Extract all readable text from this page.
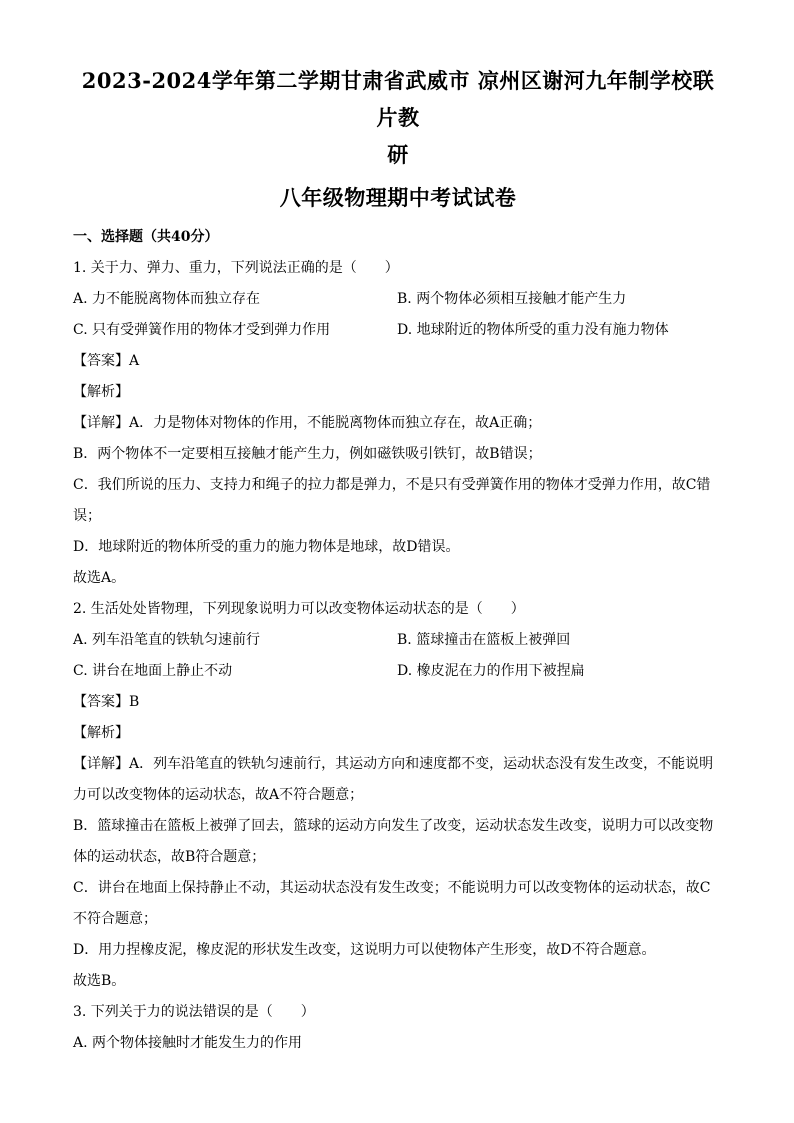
2023-2024学年第二学期甘肃省武威市 凉州区谢河九年制学校联片教
研
八年级物理期中考试试卷
一、选择题（共40分）
1. 关于力、弹力、重力，下列说法正确的是（　　）
A. 力不能脱离物体而独立存在	B. 两个物体必须相互接触才能产生力
C. 只有受弹簧作用的物体才受到弹力作用	D. 地球附近的物体所受的重力没有施力物体
【答案】A
【解析】
【详解】A．力是物体对物体的作用，不能脱离物体而独立存在，故A正确；
B．两个物体不一定要相互接触才能产生力，例如磁铁吸引铁钉，故B错误；
C．我们所说的压力、支持力和绳子的拉力都是弹力，不是只有受弹簧作用的物体才受弹力作用，故C错误；
D．地球附近的物体所受的重力的施力物体是地球，故D错误。
故选A。
2. 生活处处皆物理，下列现象说明力可以改变物体运动状态的是（　　）
A. 列车沿笔直的铁轨匀速前行	B. 篮球撞击在篮板上被弹回
C. 讲台在地面上静止不动	D. 橡皮泥在力的作用下被捏扁
【答案】B
【解析】
【详解】A．列车沿笔直的铁轨匀速前行，其运动方向和速度都不变，运动状态没有发生改变，不能说明力可以改变物体的运动状态，故A不符合题意；
B．篮球撞击在篮板上被弹了回去，篮球的运动方向发生了改变，运动状态发生改变，说明力可以改变物体的运动状态，故B符合题意；
C．讲台在地面上保持静止不动，其运动状态没有发生改变；不能说明力可以改变物体的运动状态，故C不符合题意；
D．用力捏橡皮泥，橡皮泥的形状发生改变，这说明力可以使物体产生形变，故D不符合题意。
故选B。
3. 下列关于力的说法错误的是（　　）
A. 两个物体接触时才能发生力的作用
